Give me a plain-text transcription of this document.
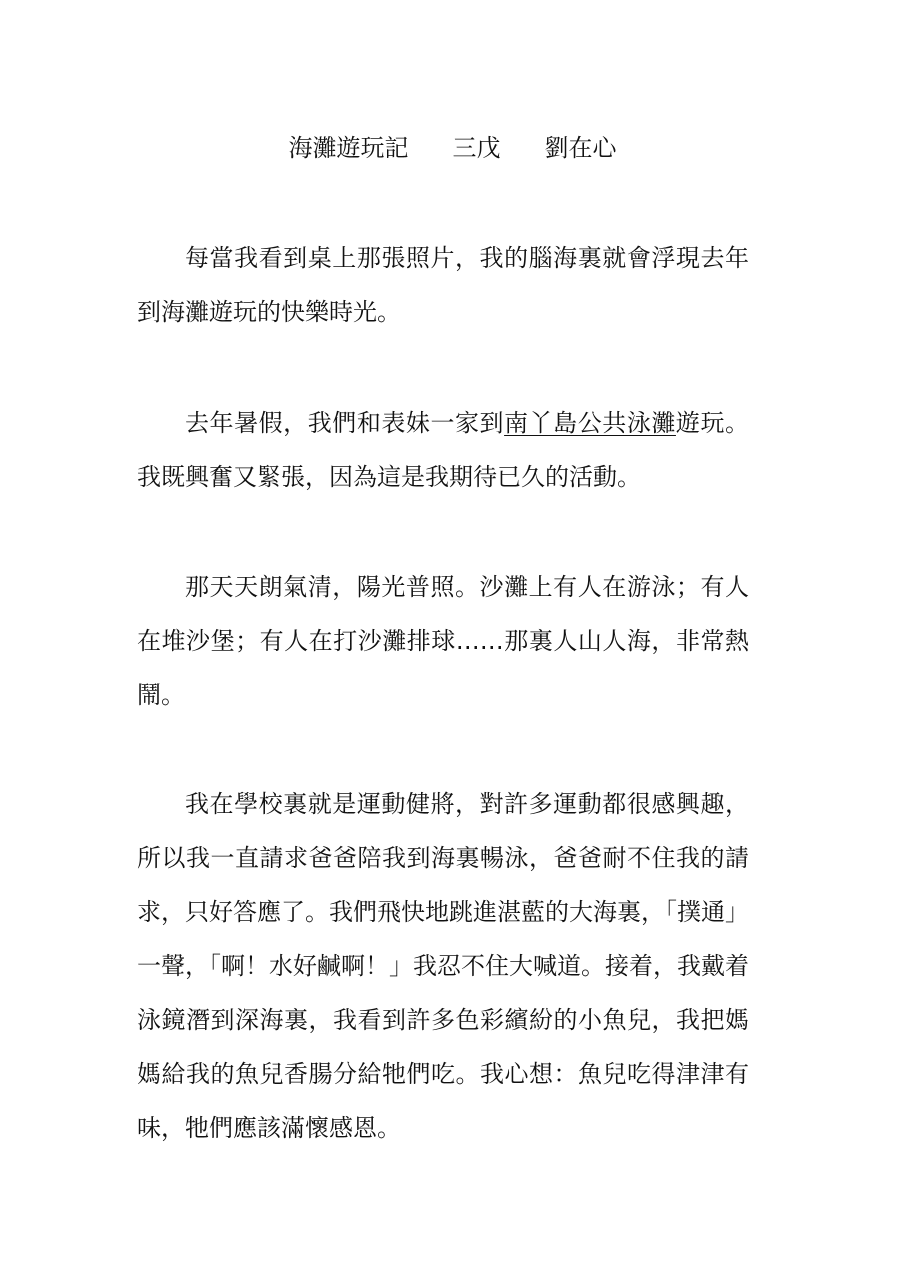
海灘遊玩記 三戊 劉在心

每當我看到桌上那張照片，我的腦海裏就會浮現去年到海灘遊玩的快樂時光。

去年暑假，我們和表妹一家到南丫島公共泳灘遊玩。我既興奮又緊張，因為這是我期待已久的活動。

那天天朗氣清，陽光普照。沙灘上有人在游泳；有人在堆沙堡；有人在打沙灘排球……那裏人山人海，非常熱鬧。

我在學校裏就是運動健將，對許多運動都很感興趣，所以我一直請求爸爸陪我到海裏暢泳，爸爸耐不住我的請求，只好答應了。我們飛快地跳進湛藍的大海裏，「撲通」一聲，「啊！水好鹹啊！」我忍不住大喊道。接着，我戴着泳鏡潛到深海裏，我看到許多色彩繽紛的小魚兒，我把媽媽給我的魚兒香腸分給牠們吃。我心想：魚兒吃得津津有味，牠們應該滿懷感恩。
